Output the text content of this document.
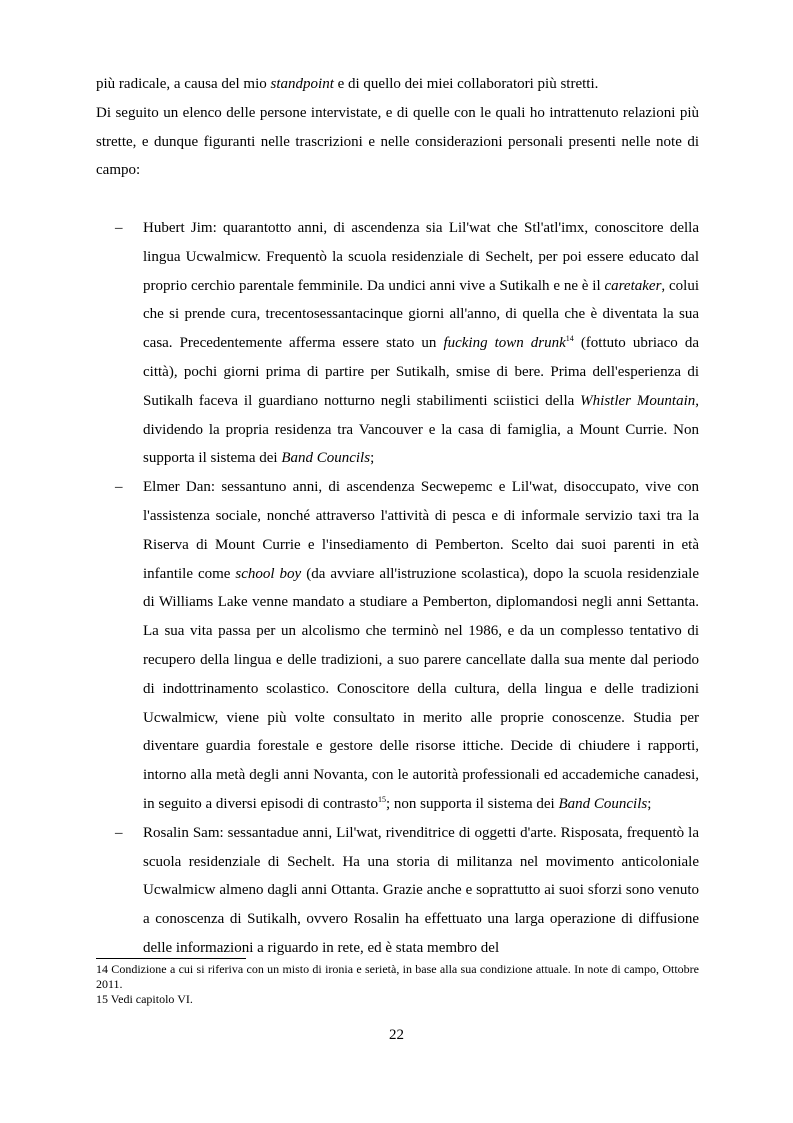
più radicale, a causa del mio standpoint e di quello dei miei collaboratori più stretti.

Di seguito un elenco delle persone intervistate, e di quelle con le quali ho intrattenuto relazioni più strette, e dunque figuranti nelle trascrizioni e nelle considerazioni personali presenti nelle note di campo:

– Hubert Jim: quarantotto anni, di ascendenza sia Lil'wat che Stl'atl'imx, conoscitore della lingua Ucwalmicw. Frequentò la scuola residenziale di Sechelt, per poi essere educato dal proprio cerchio parentale femminile. Da undici anni vive a Sutikalh e ne è il caretaker, colui che si prende cura, trecentosessantacinque giorni all'anno, di quella che è diventata la sua casa. Precedentemente afferma essere stato un fucking town drunk$^{14}$ (fottuto ubriaco da città), pochi giorni prima di partire per Sutikalh, smise di bere. Prima dell'esperienza di Sutikalh faceva il guardiano notturno negli stabilimenti sciistici della Whistler Mountain, dividendo la propria residenza tra Vancouver e la casa di famiglia, a Mount Currie. Non supporta il sistema dei Band Councils;
– Elmer Dan: sessantuno anni, di ascendenza Secwepemc e Lil'wat, disoccupato, vive con l'assistenza sociale, nonché attraverso l'attività di pesca e di informale servizio taxi tra la Riserva di Mount Currie e l'insediamento di Pemberton. Scelto dai suoi parenti in età infantile come school boy (da avviare all'istruzione scolastica), dopo la scuola residenziale di Williams Lake venne mandato a studiare a Pemberton, diplomandosi negli anni Settanta. La sua vita passa per un alcolismo che terminò nel 1986, e da un complesso tentativo di recupero della lingua e delle tradizioni, a suo parere cancellate dalla sua mente dal periodo di indottrinamento scolastico. Conoscitore della cultura, della lingua e delle tradizioni Ucwalmicw, viene più volte consultato in merito alle proprie conoscenze. Studia per diventare guardia forestale e gestore delle risorse ittiche. Decide di chiudere i rapporti, intorno alla metà degli anni Novanta, con le autorità professionali ed accademiche canadesi, in seguito a diversi episodi di contrasto$^{15}$; non supporta il sistema dei Band Councils;
– Rosalin Sam: sessantadue anni, Lil'wat, rivenditrice di oggetti d'arte. Risposata, frequentò la scuola residenziale di Sechelt. Ha una storia di militanza nel movimento anticoloniale Ucwalmicw almeno dagli anni Ottanta. Grazie anche e soprattutto ai suoi sforzi sono venuto a conoscenza di Sutikalh, ovvero Rosalin ha effettuato una larga operazione di diffusione delle informazioni a riguardo in rete, ed è stata membro del

14 Condizione a cui si riferiva con un misto di ironia e serietà, in base alla sua condizione attuale. In note di campo, Ottobre 2011.

15 Vedi capitolo VI.

22
